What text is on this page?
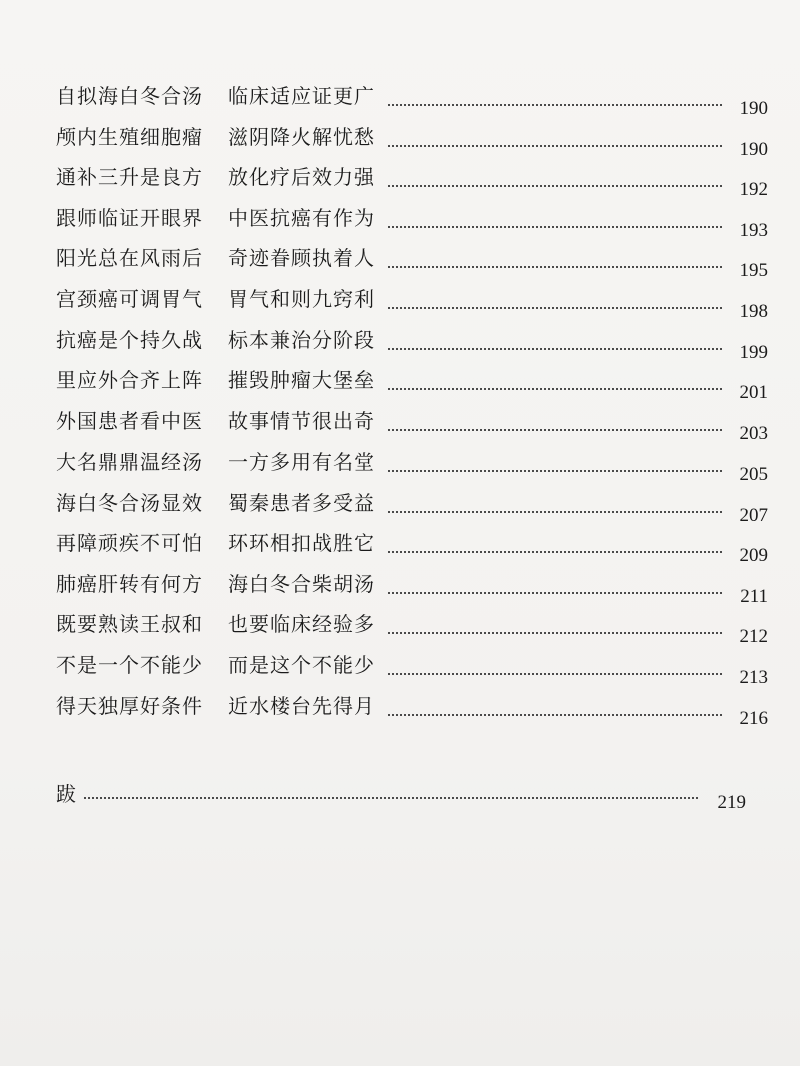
自拟海白冬合汤 临床适应证更广
190
颅内生殖细胞瘤 滋阴降火解忧愁
190
通补三升是良方 放化疗后效力强
192
跟师临证开眼界 中医抗癌有作为
193
阳光总在风雨后 奇迹眷顾执着人
195
宫颈癌可调胃气 胃气和则九窍利
198
抗癌是个持久战 标本兼治分阶段
199
里应外合齐上阵 摧毁肿瘤大堡垒
201
外国患者看中医 故事情节很出奇
203
大名鼎鼎温经汤 一方多用有名堂
205
海白冬合汤显效 蜀秦患者多受益
207
再障顽疾不可怕 环环相扣战胜它
209
肺癌肝转有何方 海白冬合柴胡汤
211
既要熟读王叔和 也要临床经验多
212
不是一个不能少 而是这个不能少
213
得天独厚好条件 近水楼台先得月
216
跋	219
